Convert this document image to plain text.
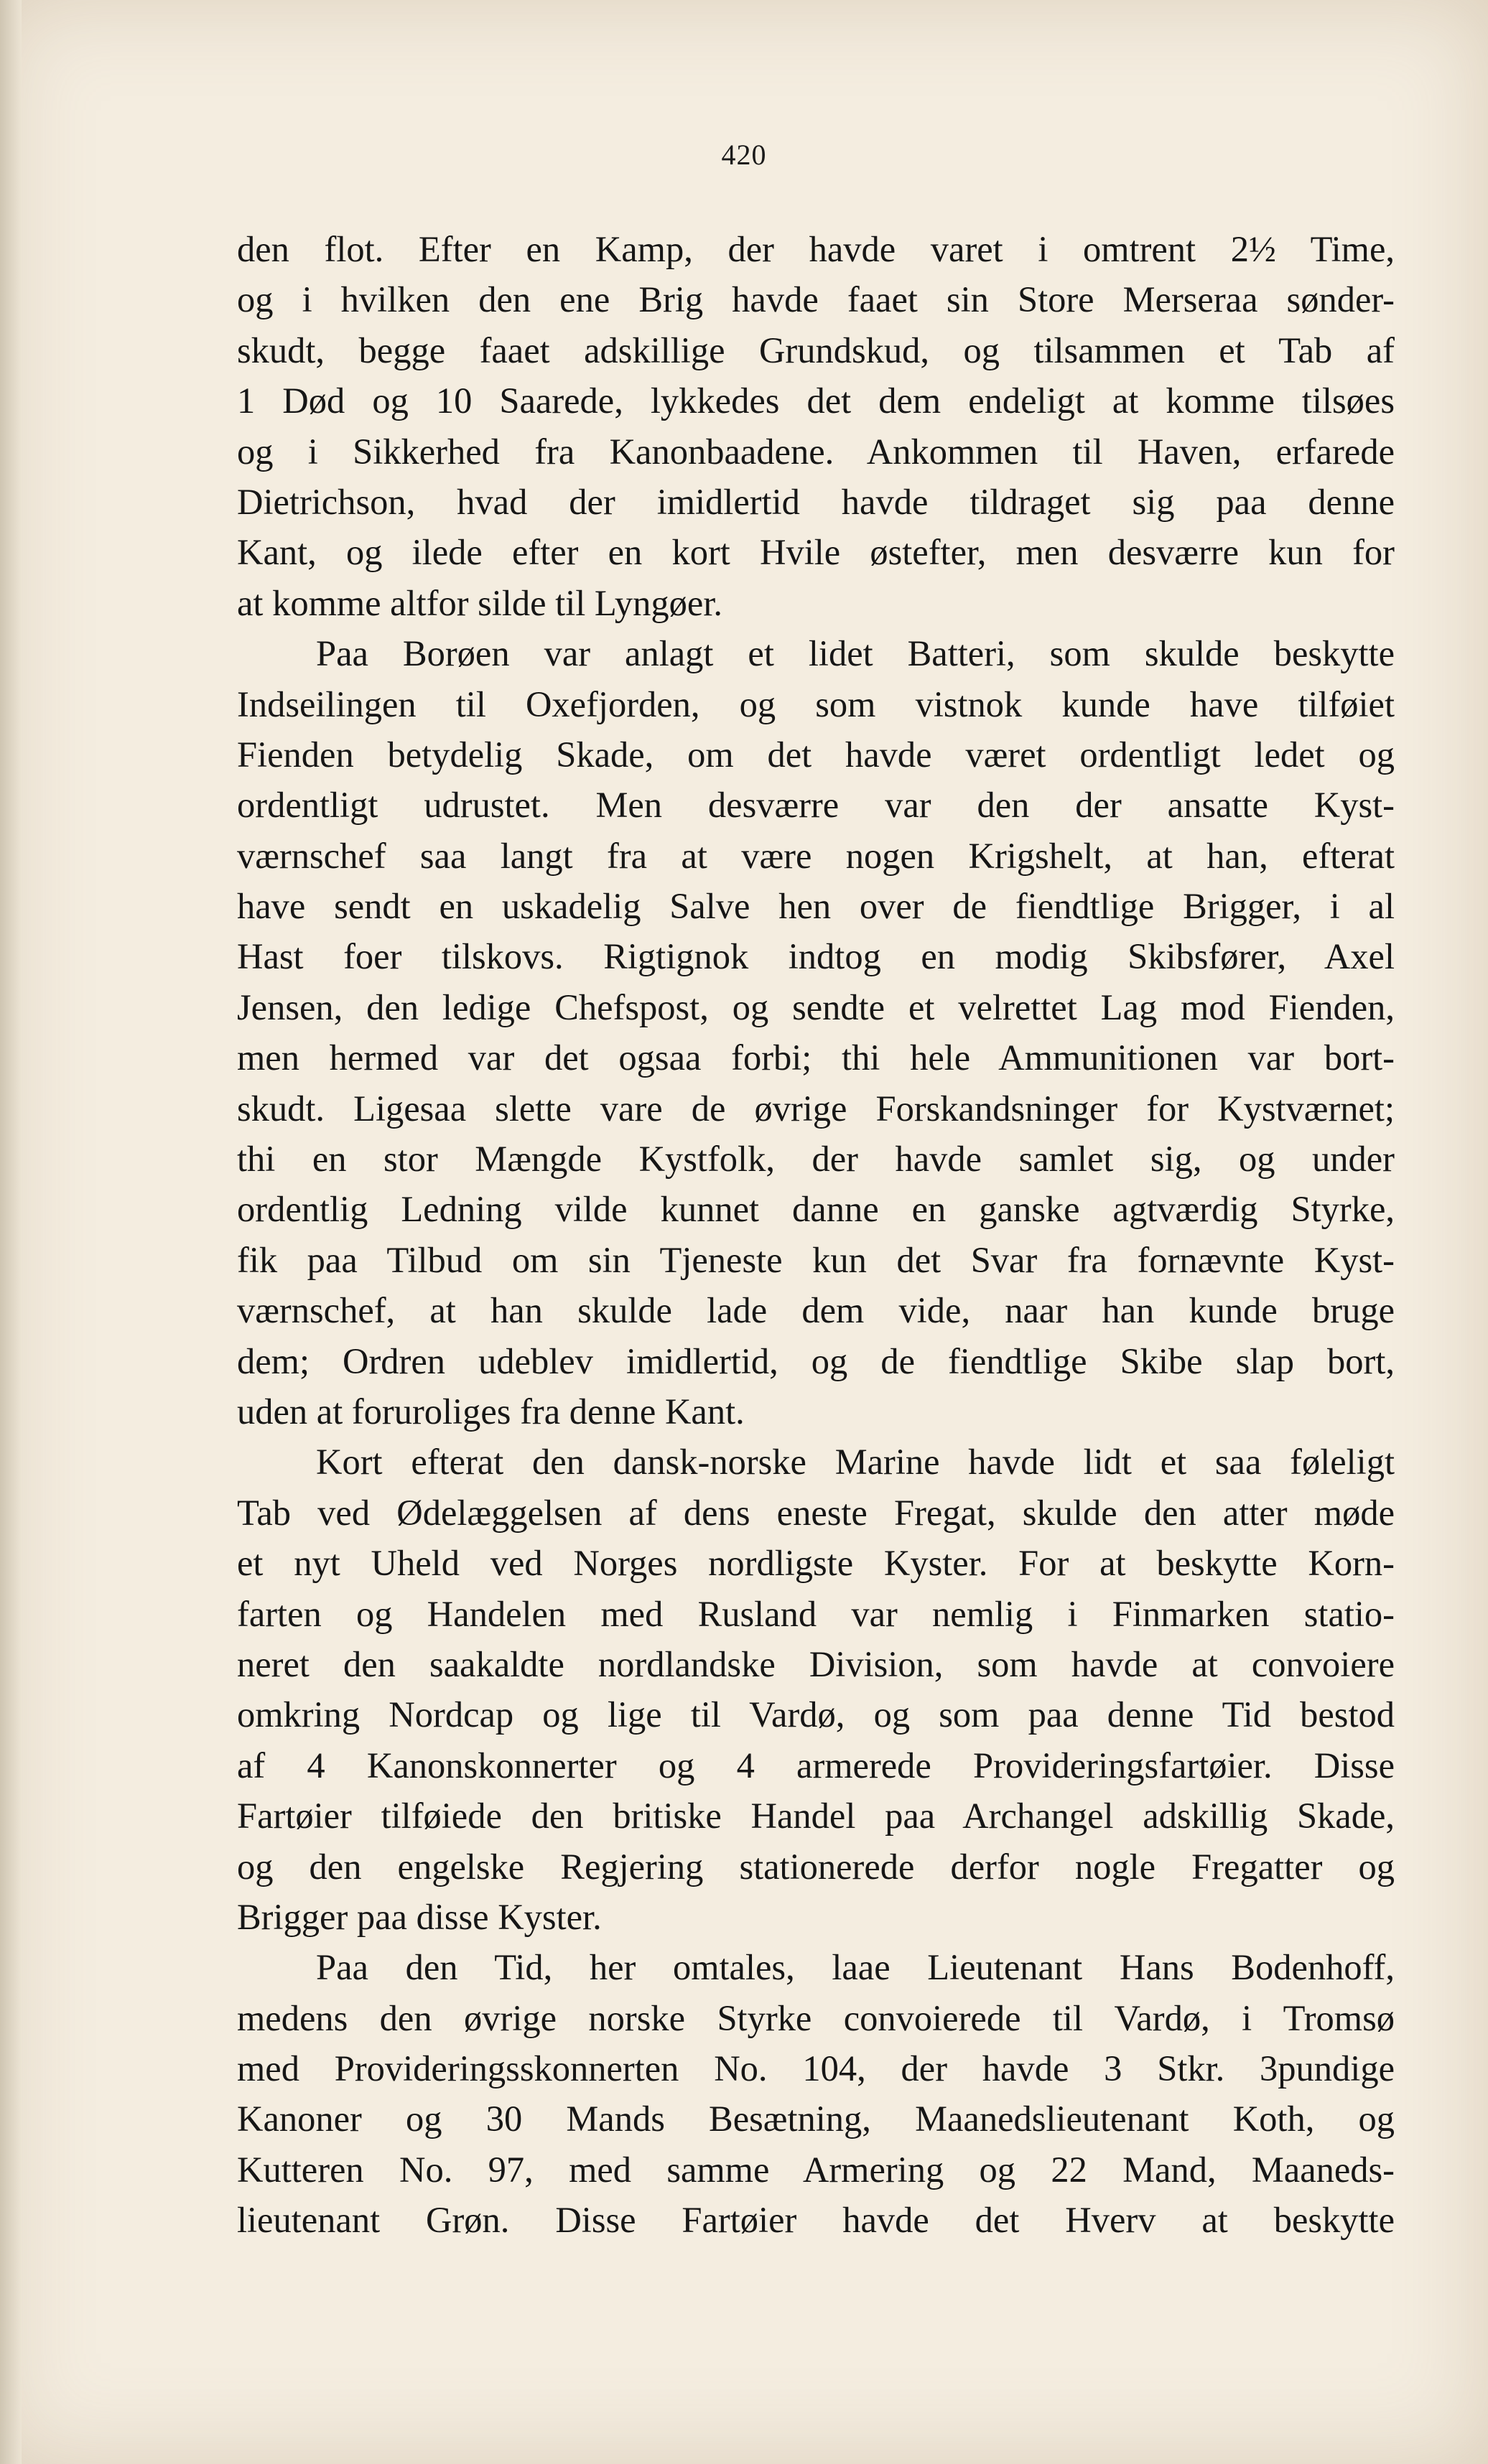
420
den flot. Efter en Kamp, der havde varet i omtrent 2½ Time,
og i hvilken den ene Brig havde faaet sin Store Merseraa sønder-
skudt, begge faaet adskillige Grundskud, og tilsammen et Tab af
1 Død og 10 Saarede, lykkedes det dem endeligt at komme tilsøes
og i Sikkerhed fra Kanonbaadene. Ankommen til Haven, erfarede
Dietrichson, hvad der imidlertid havde tildraget sig paa denne
Kant, og ilede efter en kort Hvile østefter, men desværre kun for
at komme altfor silde til Lyngøer.
Paa Borøen var anlagt et lidet Batteri, som skulde beskytte
Indseilingen til Oxefjorden, og som vistnok kunde have tilføiet
Fienden betydelig Skade, om det havde været ordentligt ledet og
ordentligt udrustet. Men desværre var den der ansatte Kyst-
værnschef saa langt fra at være nogen Krigshelt, at han, efterat
have sendt en uskadelig Salve hen over de fiendtlige Brigger, i al
Hast foer tilskovs. Rigtignok indtog en modig Skibsfører, Axel
Jensen, den ledige Chefspost, og sendte et velrettet Lag mod Fienden,
men hermed var det ogsaa forbi; thi hele Ammunitionen var bort-
skudt. Ligesaa slette vare de øvrige Forskandsninger for Kystværnet;
thi en stor Mængde Kystfolk, der havde samlet sig, og under
ordentlig Ledning vilde kunnet danne en ganske agtværdig Styrke,
fik paa Tilbud om sin Tjeneste kun det Svar fra fornævnte Kyst-
værnschef, at han skulde lade dem vide, naar han kunde bruge
dem; Ordren udeblev imidlertid, og de fiendtlige Skibe slap bort,
uden at foruroliges fra denne Kant.
Kort efterat den dansk-norske Marine havde lidt et saa føleligt
Tab ved Ødelæggelsen af dens eneste Fregat, skulde den atter møde
et nyt Uheld ved Norges nordligste Kyster. For at beskytte Korn-
farten og Handelen med Rusland var nemlig i Finmarken statio-
neret den saakaldte nordlandske Division, som havde at convoiere
omkring Nordcap og lige til Vardø, og som paa denne Tid bestod
af 4 Kanonskonnerter og 4 armerede Provideringsfartøier. Disse
Fartøier tilføiede den britiske Handel paa Archangel adskillig Skade,
og den engelske Regjering stationerede derfor nogle Fregatter og
Brigger paa disse Kyster.
Paa den Tid, her omtales, laae Lieutenant Hans Bodenhoff,
medens den øvrige norske Styrke convoierede til Vardø, i Tromsø
med Provideringsskonnerten No. 104, der havde 3 Stkr. 3pundige
Kanoner og 30 Mands Besætning, Maanedslieutenant Koth, og
Kutteren No. 97, med samme Armering og 22 Mand, Maaneds-
lieutenant Grøn. Disse Fartøier havde det Hverv at beskytte
